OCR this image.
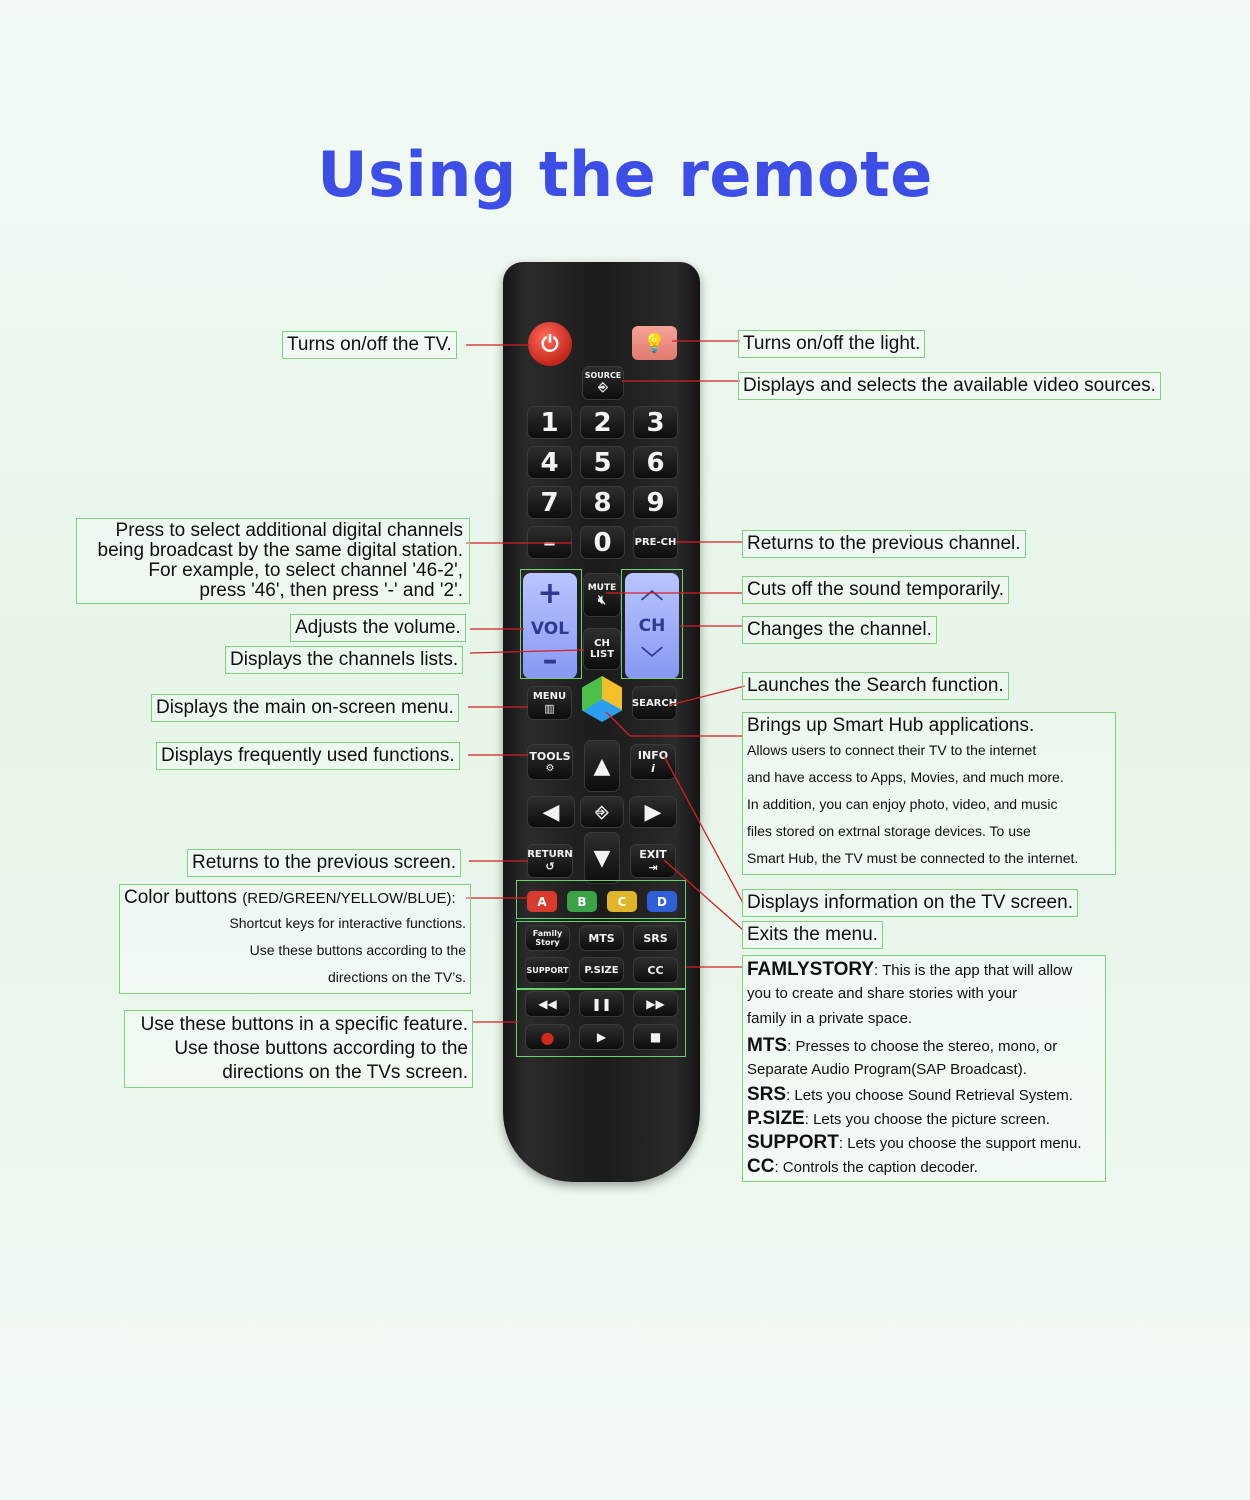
Using the remote
⏻	💡
SOURCE
⎆
1	2	3
4	5	6
7	8	9
–	0	PRE-CH
+
VOL
–
︿
CH
﹀
MUTE
🔇︎
CH
LIST
MENU
▥	SEARCH
TOOLS
⚙
INFO
i
▲
◀ ⎆ ▶
▼
RETURN
↺
EXIT
⇥
A	B	C	D
Family Story	MTS	SRS
SUPPORT	P.SIZE	CC
◀◀	❚❚	▶▶
●	▶	■
Turns on/off the TV.
Press to select additional digital channels
being broadcast by the same digital station.
For example, to select channel '46-2',
press '46', then press '-' and '2'.
Adjusts the volume.
Displays the channels lists.
Displays the main on-screen menu.
Displays frequently used functions.
Returns to the previous screen.
Color buttons (RED/GREEN/YELLOW/BLUE):
Shortcut keys for interactive functions.
Use these buttons according to the
directions on the TV’s.
Use these buttons in a specific feature.
Use those buttons according to the
directions on the TVs screen.
Turns on/off the light.
Displays and selects the available video sources.
Returns to the previous channel.
Cuts off the sound temporarily.
Changes the channel.
Launches the Search function.
Brings up Smart Hub applications.
Allows users to connect their TV to the internet
and have access to Apps, Movies, and much more.
In addition, you can enjoy photo, video, and music
files stored on extrnal storage devices. To use
Smart Hub, the TV must be connected to the internet.
Displays information on the TV screen.
Exits the menu.
FAMLYSTORY: This is the app that will allow
you to create and share stories with your
family in a private space.
MTS: Presses to choose the stereo, mono, or
Separate Audio Program(SAP Broadcast).
SRS: Lets you choose Sound Retrieval System.
P.SIZE: Lets you choose the picture screen.
SUPPORT: Lets you choose the support menu.
CC: Controls the caption decoder.
